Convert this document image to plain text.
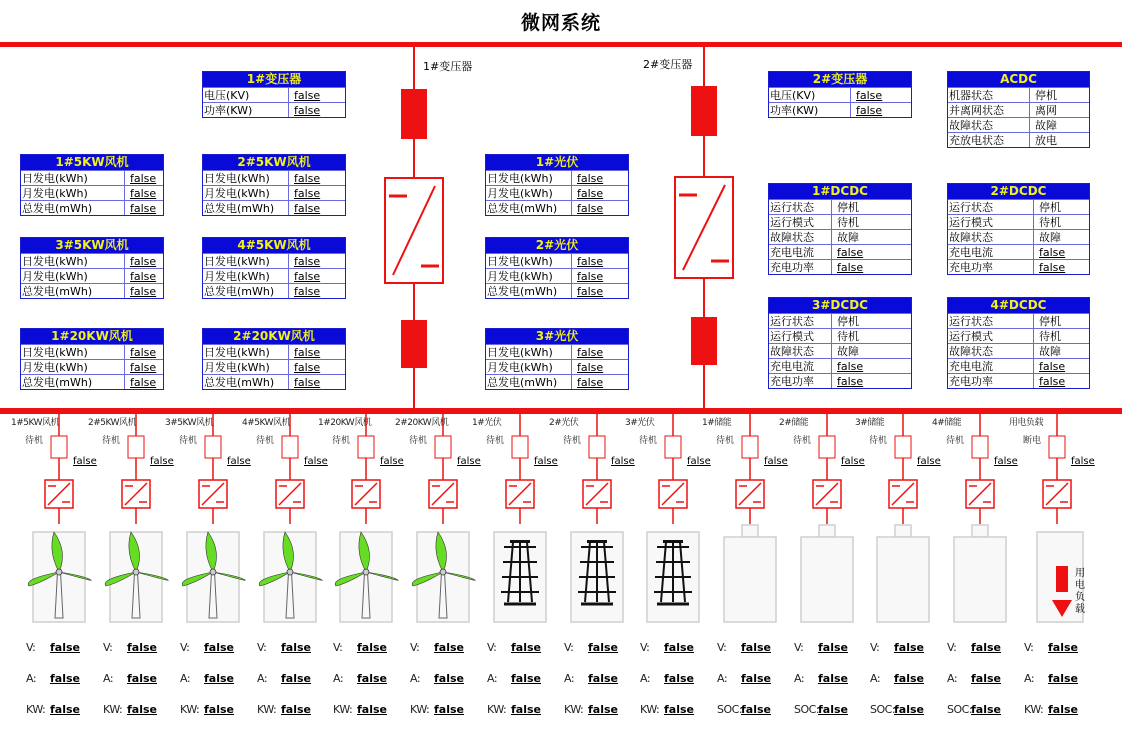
微网系统
1#变压器	2#变压器
1#变压器
电压(KV)	false
功率(KW)	false
2#变压器
电压(KV)	false
功率(KW)	false
ACDC
机器状态	停机
并离网状态	离网
故障状态	故障
充放电状态	放电
1#5KW风机
日发电(kWh)	false
月发电(kWh)	false
总发电(mWh)	false
2#5KW风机
日发电(kWh)	false
月发电(kWh)	false
总发电(mWh)	false
3#5KW风机
日发电(kWh)	false
月发电(kWh)	false
总发电(mWh)	false
4#5KW风机
日发电(kWh)	false
月发电(kWh)	false
总发电(mWh)	false
1#20KW风机
日发电(kWh)	false
月发电(kWh)	false
总发电(mWh)	false
2#20KW风机
日发电(kWh)	false
月发电(kWh)	false
总发电(mWh)	false
1#光伏
日发电(kWh)	false
月发电(kWh)	false
总发电(mWh)	false
2#光伏
日发电(kWh)	false
月发电(kWh)	false
总发电(mWh)	false
3#光伏
日发电(kWh)	false
月发电(kWh)	false
总发电(mWh)	false
1#DCDC
运行状态	停机
运行模式	待机
故障状态	故障
充电电流	false
充电功率	false
2#DCDC
运行状态	停机
运行模式	待机
故障状态	故障
充电电流	false
充电功率	false
3#DCDC
运行状态	停机
运行模式	待机
故障状态	故障
充电电流	false
充电功率	false
4#DCDC
运行状态	停机
运行模式	待机
故障状态	故障
充电电流	false
充电功率	false
1#5KW风机
待机
false
V: false
A: false
KW: false
2#5KW风机
待机
false
V: false
A: false
KW: false
3#5KW风机
待机
false
V: false
A: false
KW: false
4#5KW风机
待机
false
V: false
A: false
KW: false
1#20KW风机
待机
false
V: false
A: false
KW: false
2#20KW风机
待机
false
V: false
A: false
KW: false
1#光伏
待机
false
V: false
A: false
KW: false
2#光伏
待机
false
V: false
A: false
KW: false
3#光伏
待机
false
V: false
A: false
KW: false
1#储能
待机
false
V: false
A: false
SOC:false
2#储能
待机
false
V: false
A: false
SOC:false
3#储能
待机
false
V: false
A: false
SOC:false
4#储能
待机
false
V: false
A: false
SOC:false
用电负载
断电
false
用电负载
V: false
A: false
KW: false
